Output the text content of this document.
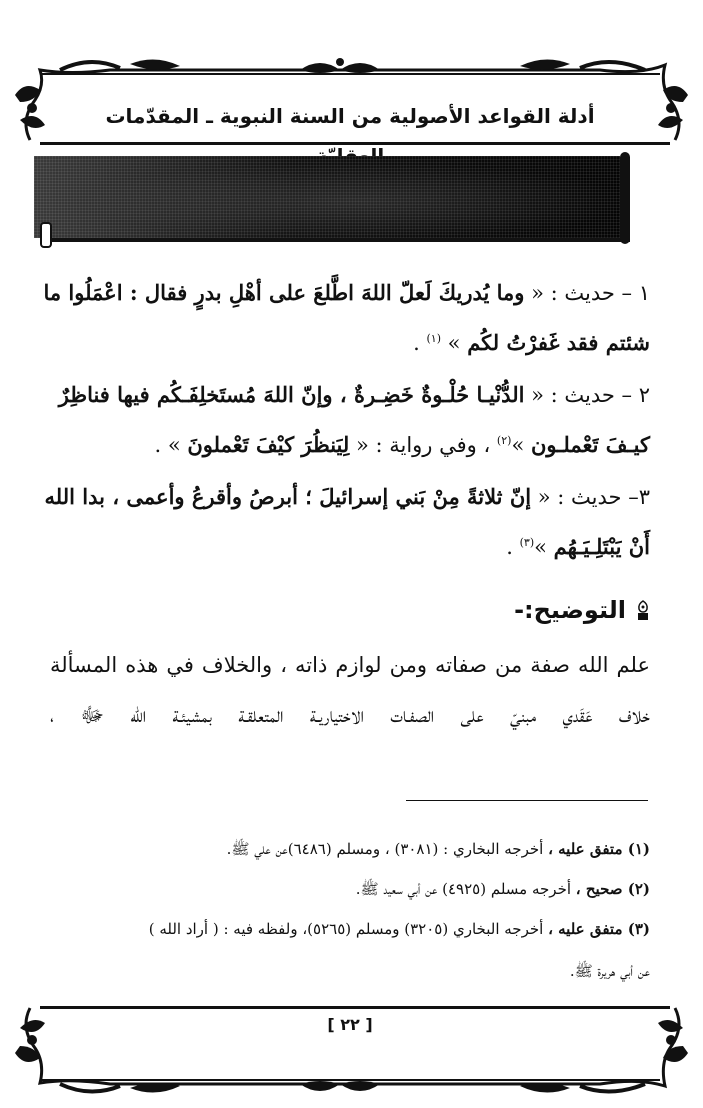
أدلة القواعد الأصولية من السنة النبوية ـ المقدّمات
١ – حديث : « وما يُدريكَ لَعلّ اللهَ اطَّلعَ على أهْلِ بدرٍ فقال : اعْمَلُوا ما
شئتم فقد غَفرْتُ لكُم » $^{(١)}$ .
٢ – حديث : « الدُّنْيـا حُلْـوةٌ خَضِـرةٌ ، وإنّ اللهَ مُستَخلِفَـكُم فيها فناظِرٌ
كيـفَ تَعْملـون »$^{(٢)}$ ، وفي رواية : « لِيَنظُرَ كيْفَ تَعْملونَ » .
٣– حديث : « إنّ ثلاثةً مِنْ بَني إسرائيلَ ؛ أبرصُ وأقرعُ وأعمى ، بدا الله
أَنْ يَبْتَلِـيَـهُم »$^{(٣)}$ .
التوضيح:-
علم الله صفة من صفاته ومن لوازم ذاته ، والخلاف في هذه المسألة
خلاف عَقَدي مبنيّ على الصفـات الاختياريـة المتعلقـة بمشيئـة الله ﷻ ،
(١) متفق عليه ، أخرجه البخاري : (٣٠٨١) ، ومسلم (٦٤٨٦)عن علي ﷺ.
(٢) صحيح ، أخرجه مسلم (٤٩٢٥) عن أبي سعيد ﷺ.
(٣) متفق عليه ، أخرجه البخاري (٣٢٠٥) ومسلم (٥٢٦٥)، ولفظه فيه : ( أراد الله )
عن أبي هريرة ﷺ.
[ ٢٢ ]
